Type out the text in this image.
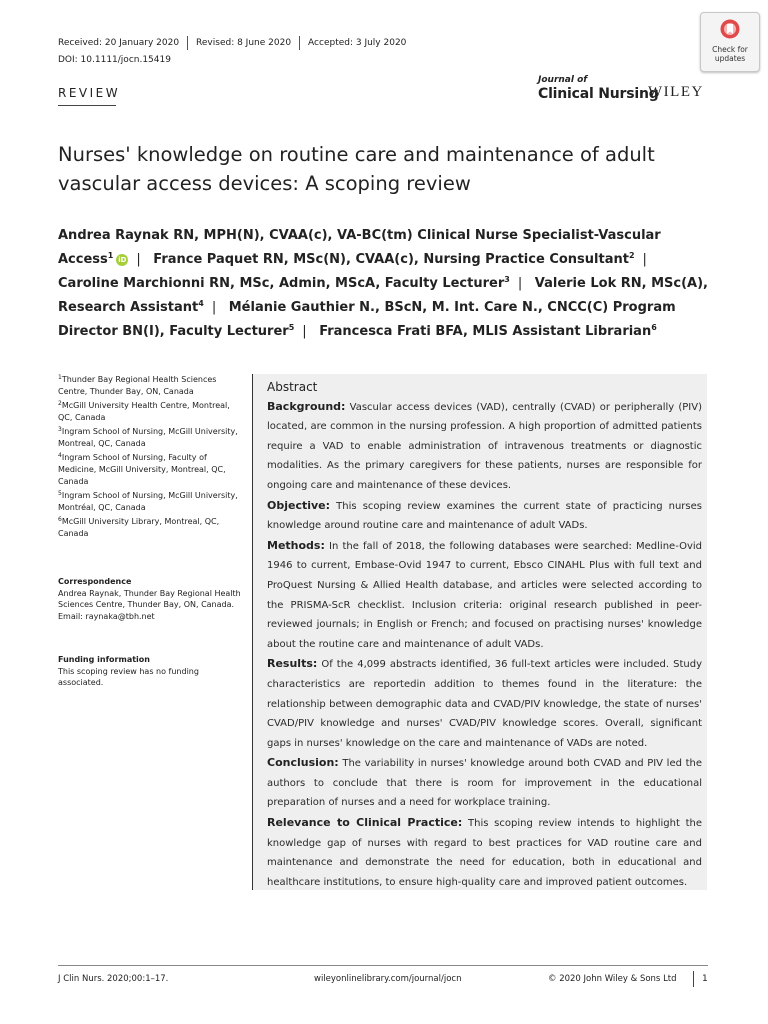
Received: 20 January 2020 Revised: 8 June 2020 Accepted: 3 July 2020
DOI: 10.1111/jocn.15419
REVIEW
Journal of
Clinical Nursing
WILEY
Check for
updates
Nurses' knowledge on routine care and maintenance of adult vascular access devices: A scoping review
Andrea Raynak RN, MPH(N), CVAA(c), VA-BC(tm) Clinical Nurse Specialist-Vascular Access$^1$ iD | France Paquet RN, MSc(N), CVAA(c), Nursing Practice Consultant$^2$ | Caroline Marchionni RN, MSc, Admin, MScA, Faculty Lecturer$^3$ | Valerie Lok RN, MSc(A), Research Assistant$^4$ | Mélanie Gauthier N., BScN, M. Int. Care N., CNCC(C) Program Director BN(I), Faculty Lecturer$^5$ | Francesca Frati BFA, MLIS Assistant Librarian$^6$
$^1$Thunder Bay Regional Health Sciences Centre, Thunder Bay, ON, Canada
$^2$McGill University Health Centre, Montreal, QC, Canada
$^3$Ingram School of Nursing, McGill University, Montreal, QC, Canada
$^4$Ingram School of Nursing, Faculty of Medicine, McGill University, Montreal, QC, Canada
$^5$Ingram School of Nursing, McGill University, Montréal, QC, Canada
$^6$McGill University Library, Montreal, QC, Canada
Correspondence
Andrea Raynak, Thunder Bay Regional Health Sciences Centre, Thunder Bay, ON, Canada.
Email: raynaka@tbh.net
Funding information
This scoping review has no funding associated.
Abstract

Background: Vascular access devices (VAD), centrally (CVAD) or peripherally (PIV) located, are common in the nursing profession. A high proportion of admitted patients require a VAD to enable administration of intravenous treatments or diagnostic modalities. As the primary caregivers for these patients, nurses are responsible for ongoing care and maintenance of these devices.

Objective: This scoping review examines the current state of practicing nurses knowledge around routine care and maintenance of adult VADs.

Methods: In the fall of 2018, the following databases were searched: Medline-Ovid 1946 to current, Embase-Ovid 1947 to current, Ebsco CINAHL Plus with full text and ProQuest Nursing & Allied Health database, and articles were selected according to the PRISMA-ScR checklist. Inclusion criteria: original research published in peer-reviewed journals; in English or French; and focused on practising nurses' knowledge about the routine care and maintenance of adult VADs.

Results: Of the 4,099 abstracts identified, 36 full-text articles were included. Study characteristics are reportedin addition to themes found in the literature: the relationship between demographic data and CVAD/PIV knowledge, the state of nurses' CVAD/PIV knowledge and nurses' CVAD/PIV knowledge scores. Overall, significant gaps in nurses' knowledge on the care and maintenance of VADs are noted.

Conclusion: The variability in nurses' knowledge around both CVAD and PIV led the authors to conclude that there is room for improvement in the educational preparation of nurses and a need for workplace training.

Relevance to Clinical Practice: This scoping review intends to highlight the knowledge gap of nurses with regard to best practices for VAD routine care and maintenance and demonstrate the need for education, both in educational and healthcare institutions, to ensure high-quality care and improved patient outcomes.

J Clin Nurs. 2020;00:1–17.	wileyonlinelibrary.com/journal/jocn	© 2020 John Wiley & Sons Ltd	1
